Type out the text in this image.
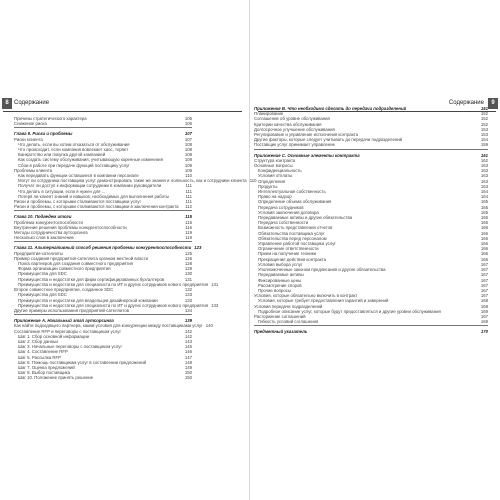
8 Содержание
Причины стратегического характера	105
Снижение риска	106
Глава 9. Риски и проблемы	107
Риски клиента	107
Что делать, если вы хотим отказаться от обслуживания	108
Что происходит, если компания вовлекает хаос, теряет	108
Банкротство или покупка другой компанией	108
Как создать систему обслуживания, учитывающую коренные изменения	108
Сбои в работе при передаче функций поставщику услуг	109
Проблемы клиента	109
Как передавать функции оставшиеся в компании персонале	110
Могут ли сотрудники поставщика услуг демонстрировать такие же знания и лояльность, как и сотрудники клиента 110
Получат ли доступ к информации сотрудники в компании руководители	111
Что делать в ситуации, если я нужен для ...	111
Потеря ли клиент знаний и навыков, необходимых для выполнения работы	111
Риски и проблемы, с которыми сталкиваются поставщики услуг	111
Риски и проблемы, с которыми сталкиваются поставщики в заключения контракта	112
Глава 10. Подведем итоги	115
Проблема конкурентоспособности	115
Внутренние решения проблемы конкурентоспособности	116
Методы сотрудничества аутсорсинга	119
Несколько слов в заключение	119
Глава 11. Альтернативный способ решения проблемы конкурентоспособности 123
Предприятия-сателлиты	125
Пример создания предприятия-сателлита органом местной власти	126
Поиск партнеров для создания совместного предприятия	128
Форма организации совместного предприятия	129
Преимущества для SDC	130
Преимущества и недостатки для фирм сертифицированных бухгалтеров	131
Преимущества и недостатки для специалиста по ИТ и других сотрудников нового предприятия 131
Второе совместное предприятие, созданное SDC	132
Преимущества для SDC	133
Преимущества и недостатки для владельцев дизайнерской компании	133
Преимущества и недостатки для специалиста по ИТ и других сотрудников нового предприятия 133
Другие примеры использования предприятий-сателлитов	134
Приложение А. Начальный этап аутсорсинга	139
Как найти подходящего партнера, каким условия для конкуренции между поставщиками услуг 140
Составление RFP и переговоры с поставщиком услуг	142
Шаг 1. Сбор основной информации	142
Шаг 2. Сбор данных	143
Шаг 3. Начальные переговоры с поставщиком услуг	145
Шаг 4. Составление RFP	146
Шаг 5. Рассылка RFP	147
Шаг 6. Помощь поставщикам услуг в составлении предложений	148
Шаг 7. Оценка предложений	149
Шаг 8. Выбор поставщика	150
Шаг 10. Положение принять решение	150
Содержание	9
Приложение В. Что необходимо сделать до передачи подразделений	151
Планирование	152
Соглашение об уровне обслуживания	152
Критерии качества обслуживания	152
Долгосрочное улучшение обслуживания	153
Регулирование и управление исполнения контракта	153
Другие факторы, которые следует учитывать до передачи подразделений	154
Поставщик услуг принимает управление	159
Приложение С. Основные элементы контракта	161
Структура контракта	162
Основные вопросы	163
Конфиденциальность	163
Условия отплаты	163
Определения	163
Продукты	163
Интеллектуальная собственность	164
Право на надзор	164
Определение объема обслуживания	165
Передача сотрудников	165
Условия заключения договора	165
Передаваемые активы и другие обязательства	165
Передача собственности	166
Возможность представления отчетов	166
Обязательства поставщика услуг	166
Обязательства перед персоналом	166
Управление работой поставщика услуг	166
Ограничение ответственности	166
Прием на получение техники	166
Прекращение действия контракта	166
Условия выбора услуг	167
Уполномоченные законом предписания и другие обязательства	167
Передаваемые активы	167
Фиксированные цены	167
Рассмотрение споров	167
Прочие вопросы	167
Условия, которые обязательно включить в контракт	167
Условия, которые требует предоставления гарантий и заверений	168
Условия передачи подразделений	168
Подробное описание услуг, которые будут предоставляться и другие уровни обслуживания	169
Расторжение соглашений	167
Гибкость условий соглашения	169
Предметный указатель	170
